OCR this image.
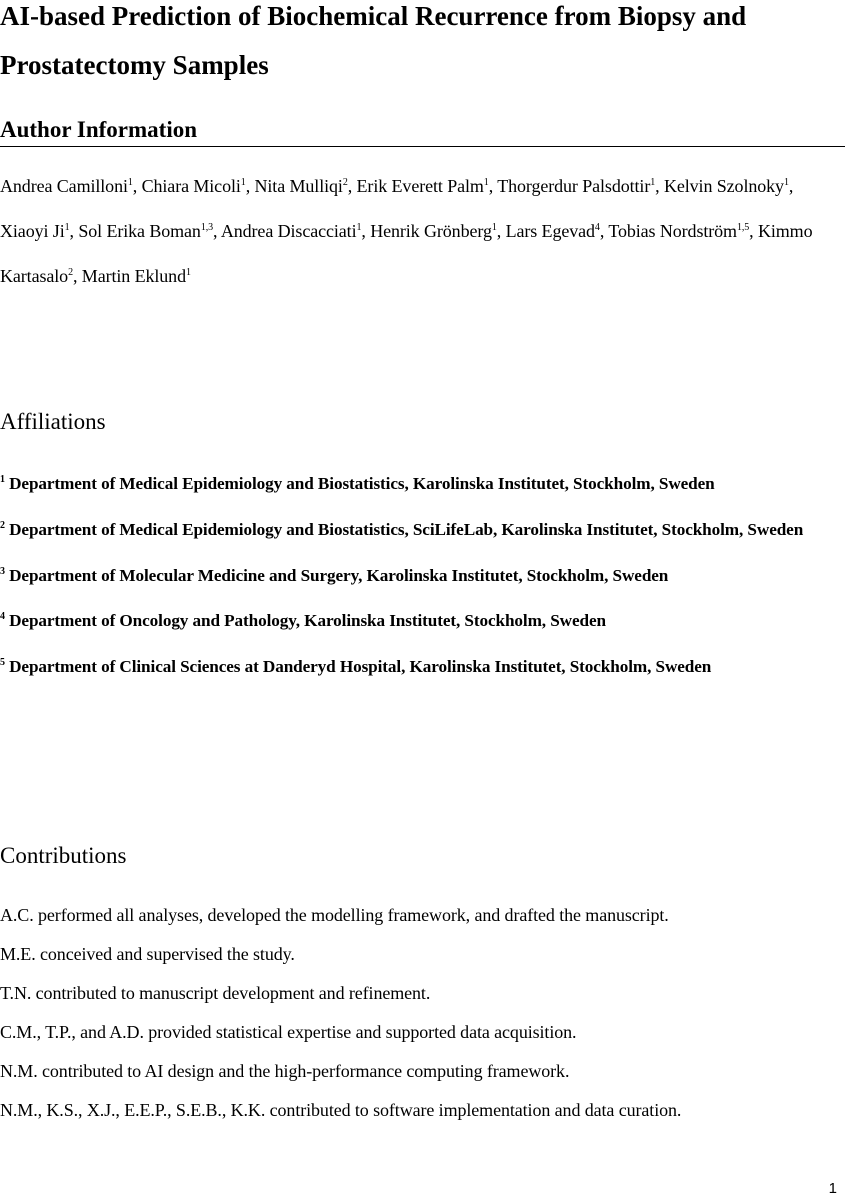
AI-based Prediction of Biochemical Recurrence from Biopsy and Prostatectomy Samples
Author Information

Andrea Camilloni$^1$, Chiara Micoli$^1$, Nita Mulliqi$^2$, Erik Everett Palm$^1$, Thorgerdur Palsdottir$^1$, Kelvin Szolnoky$^1$, Xiaoyi Ji$^1$, Sol Erika Boman$^{1,3}$, Andrea Discacciati$^1$, Henrik Grönberg$^1$, Lars Egevad$^4$, Tobias Nordström$^{1,5}$, Kimmo Kartasalo$^2$, Martin Eklund$^1$

Affiliations
$^1$ Department of Medical Epidemiology and Biostatistics, Karolinska Institutet, Stockholm, Sweden
$^2$ Department of Medical Epidemiology and Biostatistics, SciLifeLab, Karolinska Institutet, Stockholm, Sweden
$^3$ Department of Molecular Medicine and Surgery, Karolinska Institutet, Stockholm, Sweden
$^4$ Department of Oncology and Pathology, Karolinska Institutet, Stockholm, Sweden
$^5$ Department of Clinical Sciences at Danderyd Hospital, Karolinska Institutet, Stockholm, Sweden
Contributions
A.C. performed all analyses, developed the modelling framework, and drafted the manuscript.
M.E. conceived and supervised the study.
T.N. contributed to manuscript development and refinement.
C.M., T.P., and A.D. provided statistical expertise and supported data acquisition.
N.M. contributed to AI design and the high-performance computing framework.
N.M., K.S., X.J., E.E.P., S.E.B., K.K. contributed to software implementation and data curation.
1
